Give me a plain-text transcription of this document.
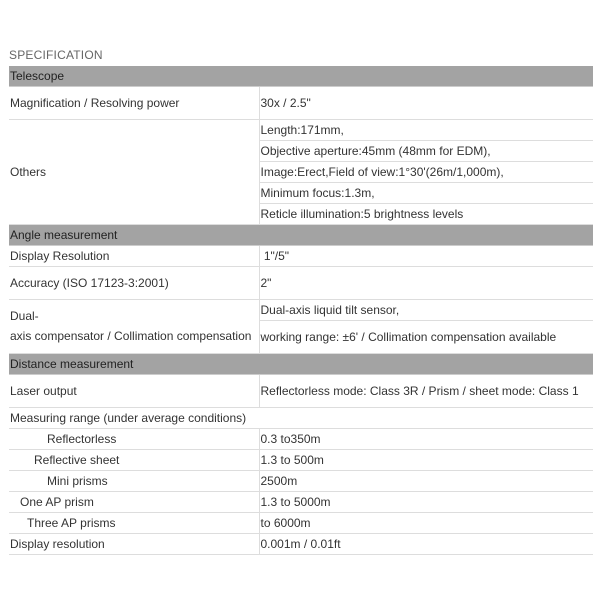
SPECIFICATION
Telescope	
Magnification / Resolving power	30x / 2.5"
Others	Length:171mm,
	Objective aperture:45mm (48mm for EDM),
	Image:Erect,Field of view:1°30'(26m/1,000m),
	Minimum focus:1.3m,
	Reticle illumination:5 brightness levels
Angle measurement	
Display Resolution	1"/5"
Accuracy (ISO 17123-3:2001)	2"
Dual-
axis compensator / Collimation compensation	Dual-axis liquid tilt sensor,
	working range: ±6' / Collimation compensation available
Distance measurement	
Laser output	Reflectorless mode: Class 3R / Prism / sheet mode: Class 1
Measuring range (under average conditions)	
Reflectorless	0.3 to350m
Reflective sheet	1.3 to 500m
Mini prisms	2500m
One AP prism	1.3 to 5000m
Three AP prisms	to 6000m
Display resolution	0.001m / 0.01ft
